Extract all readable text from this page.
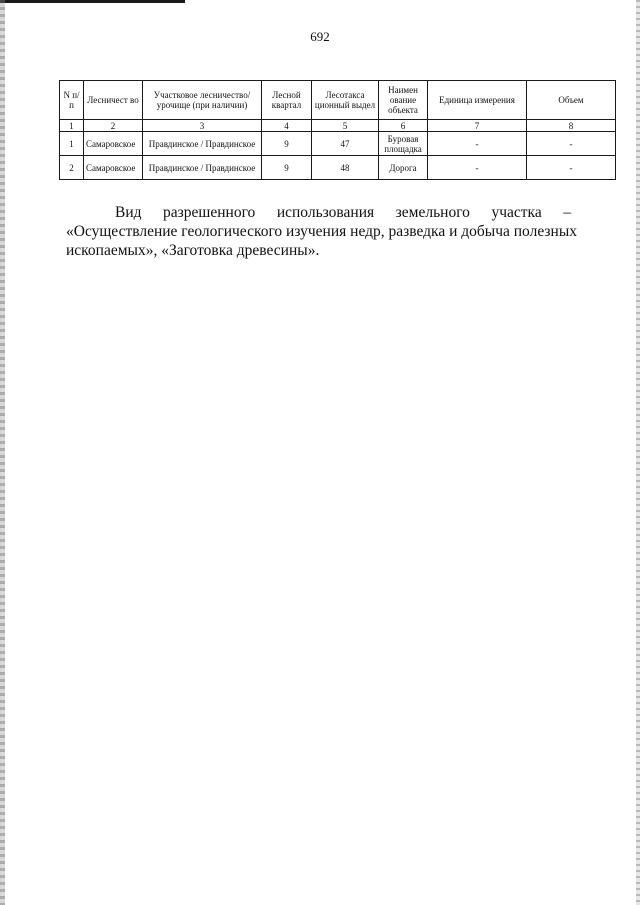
692
N п/ п	Лесничест во	Участковое лесничество/урочище (при наличии)	Лесной квартал	Лесотакса ционный выдел	Наимен ование объекта	Единица измерения	Объем
1	2	3	4	5	6	7	8
1	Самаровское	Правдинское / Правдинское	9	47	Буровая площадка	-	-
2	Самаровское	Правдинское / Правдинское	9	48	Дорога	-	-

Вид разрешенного использования земельного участка –
«Осуществление геологического изучения недр, разведка и добыча полезных
ископаемых», «Заготовка древесины».
